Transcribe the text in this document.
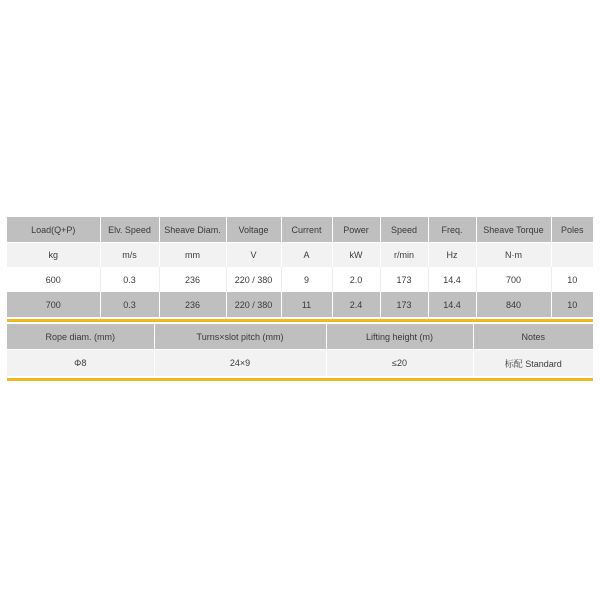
Load(Q+P)	Elv. Speed	Sheave Diam.	Voltage	Current	Power	Speed	Freq.	Sheave Torque	Poles
kg	m/s	mm	V	A	kW	r/min	Hz	N·m	
600	0.3	236	220 / 380	9	2.0	173	14.4	700	10
700	0.3	236	220 / 380	11	2.4	173	14.4	840	10
Rope diam. (mm)	Turns×slot pitch (mm)	Lifting height (m)	Notes
Φ8	24×9	≤20	标配 Standard
